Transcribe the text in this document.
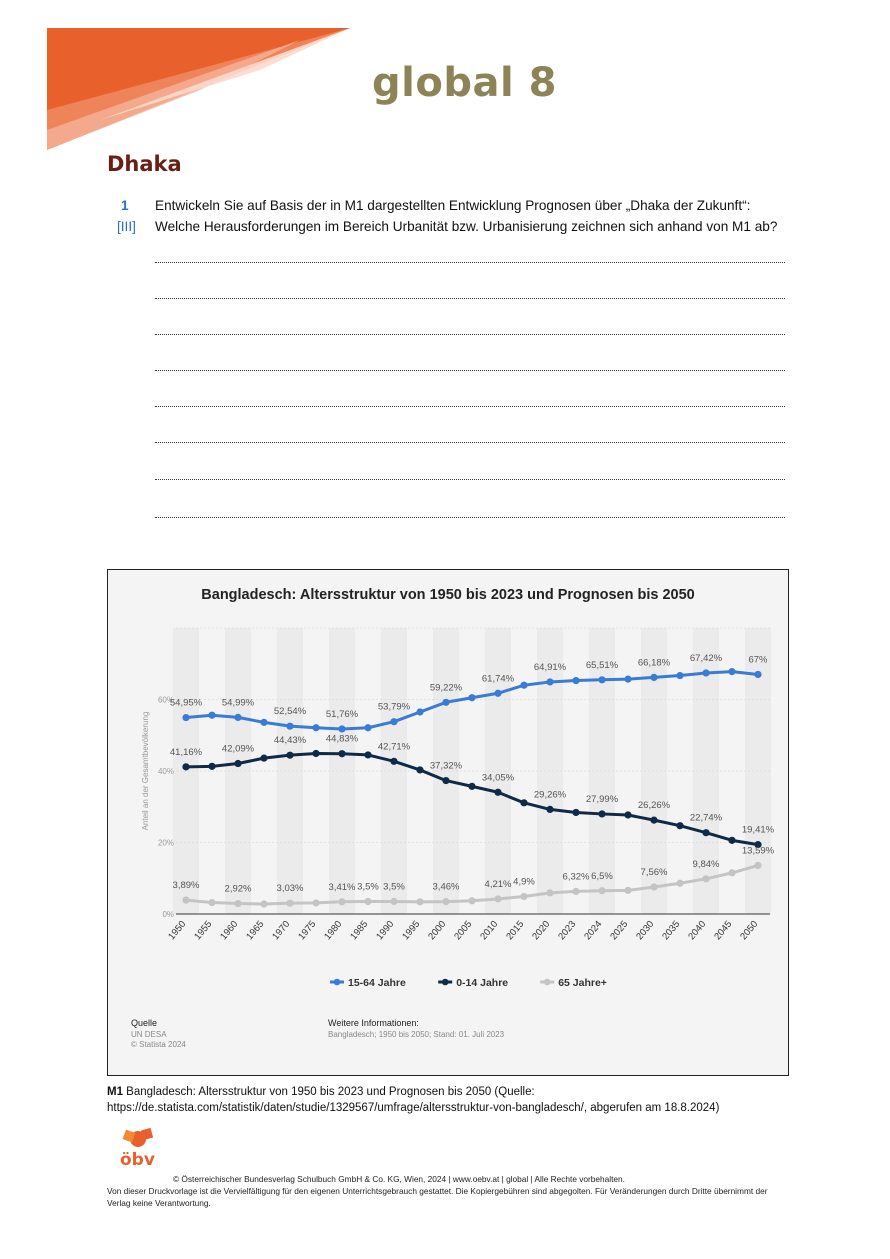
global 8
Dhaka
1
[III]
Entwickeln Sie auf Basis der in M1 dargestellten Entwicklung Prognosen über „Dhaka der Zukunft“:
Welche Herausforderungen im Bereich Urbanität bzw. Urbanisierung zeichnen sich anhand von M1 ab?
Bangladesch: Altersstruktur von 1950 bis 2023 und Prognosen bis 2050
0%
20%
40%
60%
Anteil an der Gesamtbevölkerung
1950 1955 1960 1965 1970 1975 1980 1985 1990 1995 2000 2005 2010 2015 2020 2023 2024 2025 2030 2035 2040 2045 2050
54,95% 54,99%
52,54% 51,76%
53,79%
59,22%
61,74%
64,91% 65,51% 66,18% 67,42%	67%
41,16% 42,09%
44,43% 44,83%
42,71%
37,32%
34,05%
29,26% 27,99%
26,26%
22,74%
19,41%
3,89%	2,92%	3,03%	3,41% 3,5% 3,5%	3,46%	4,21% 4,9%	6,32% 6,5%	7,56%
9,84%
13,59%
15-64 Jahre	0-14 Jahre	65 Jahre+
Quelle
UN DESA
© Statista 2024
Weitere Informationen:
Bangladesch; 1950 bis 2050; Stand: 01. Juli 2023
M1 Bangladesch: Altersstruktur von 1950 bis 2023 und Prognosen bis 2050 (Quelle:
https://de.statista.com/statistik/daten/studie/1329567/umfrage/altersstruktur-von-bangladesch/, abgerufen am 18.8.2024)
öbv
© Österreichischer Bundesverlag Schulbuch GmbH & Co. KG, Wien, 2024 | www.oebv.at | global | Alle Rechte vorbehalten.
Von dieser Druckvorlage ist die Vervielfältigung für den eigenen Unterrichtsgebrauch gestattet. Die Kopiergebühren sind abgegolten. Für Veränderungen durch Dritte übernimmt der Verlag keine Verantwortung.
